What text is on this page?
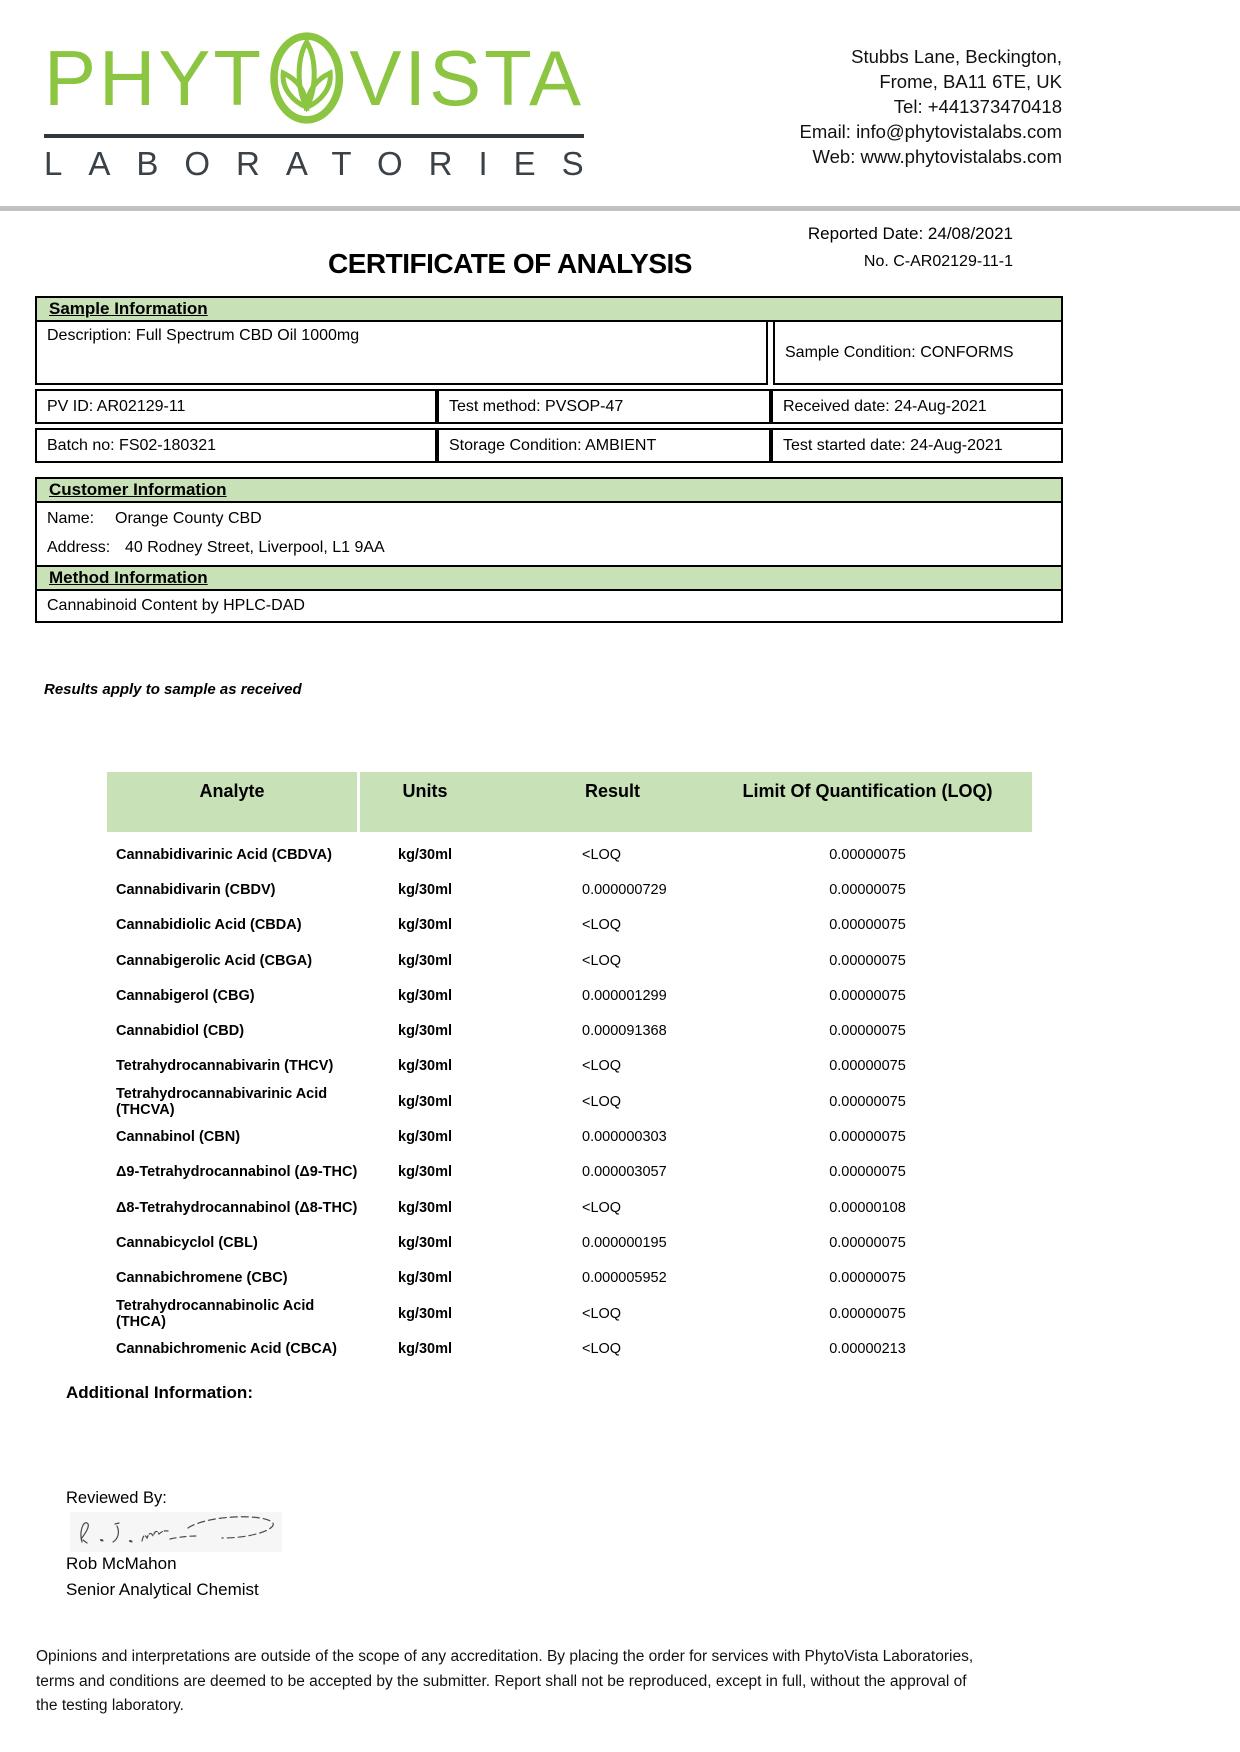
PHYT VISTA
LABORATORIES
Stubbs Lane, Beckington,
Frome, BA11 6TE, UK
Tel: +441373470418
Email: info@phytovistalabs.com
Web: www.phytovistalabs.com
Reported Date: 24/08/2021
No. C-AR02129-11-1
CERTIFICATE OF ANALYSIS
Sample Information
Description: Full Spectrum CBD Oil 1000mg
Sample Condition: CONFORMS
PV ID: AR02129-11	Test method: PVSOP-47	Received date: 24-Aug-2021
Batch no: FS02-180321	Storage Condition: AMBIENT	Test started date: 24-Aug-2021
Customer Information
Name:	Orange County CBD
Address: 40 Rodney Street, Liverpool, L1 9AA
Method Information
Cannabinoid Content by HPLC-DAD
Results apply to sample as received
Analyte	Units	Result	Limit Of Quantification (LOQ)
Cannabidivarinic Acid (CBDVA)	kg/30ml	<LOQ	0.00000075
Cannabidivarin (CBDV)	kg/30ml	0.000000729	0.00000075
Cannabidiolic Acid (CBDA)	kg/30ml	<LOQ	0.00000075
Cannabigerolic Acid (CBGA)	kg/30ml	<LOQ	0.00000075
Cannabigerol (CBG)	kg/30ml	0.000001299	0.00000075
Cannabidiol (CBD)	kg/30ml	0.000091368	0.00000075
Tetrahydrocannabivarin (THCV)	kg/30ml	<LOQ	0.00000075
Tetrahydrocannabivarinic Acid (THCVA)	kg/30ml	<LOQ	0.00000075
Cannabinol (CBN)	kg/30ml	0.000000303	0.00000075
Δ9-Tetrahydrocannabinol (Δ9-THC)	kg/30ml	0.000003057	0.00000075
Δ8-Tetrahydrocannabinol (Δ8-THC)	kg/30ml	<LOQ	0.00000108
Cannabicyclol (CBL)	kg/30ml	0.000000195	0.00000075
Cannabichromene (CBC)	kg/30ml	0.000005952	0.00000075
Tetrahydrocannabinolic Acid (THCA)	kg/30ml	<LOQ	0.00000075
Cannabichromenic Acid (CBCA)	kg/30ml	<LOQ	0.00000213
Additional Information:
Reviewed By:
Rob McMahon
Senior Analytical Chemist
Opinions and interpretations are outside of the scope of any accreditation. By placing the order for services with PhytoVista Laboratories,
terms and conditions are deemed to be accepted by the submitter. Report shall not be reproduced, except in full, without the approval of
the testing laboratory.
